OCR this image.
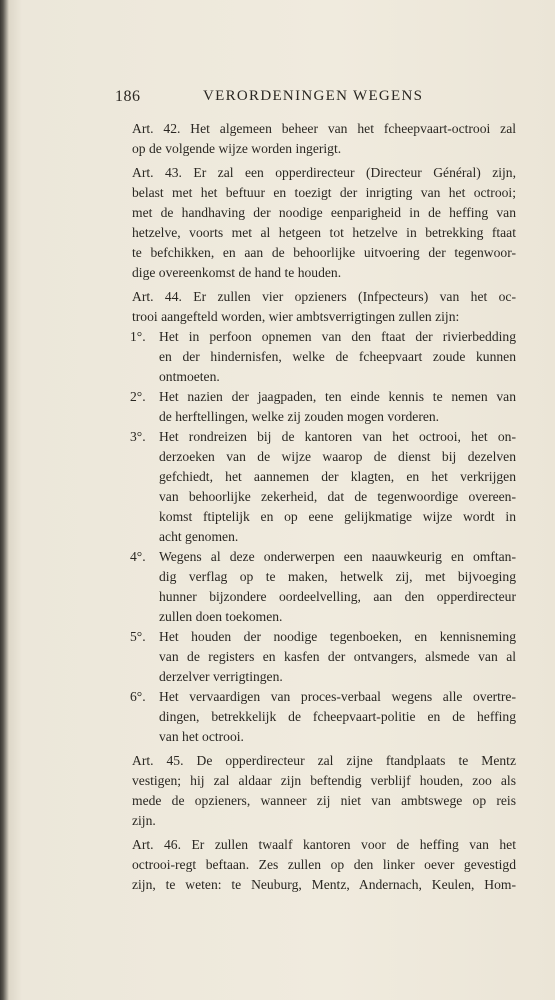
186	VERORDENINGEN WEGENS
Art. 42. Het algemeen beheer van het fcheepvaart-octrooi zal
op de volgende wijze worden ingerigt.
Art. 43. Er zal een opperdirecteur (Directeur Général) zijn,
belast met het beftuur en toezigt der inrigting van het octrooi;
met de handhaving der noodige eenparigheid in de heffing van
hetzelve, voorts met al hetgeen tot hetzelve in betrekking ftaat
te befchikken, en aan de behoorlijke uitvoering der tegenwoor-
dige overeenkomst de hand te houden.
Art. 44. Er zullen vier opzieners (Infpecteurs) van het oc-
trooi aangefteld worden, wier ambtsverrigtingen zullen zijn:
1°. Het in perfoon opnemen van den ftaat der rivierbedding
en der hindernisfen, welke de fcheepvaart zoude kunnen
ontmoeten.
2°. Het nazien der jaagpaden, ten einde kennis te nemen van
de herftellingen, welke zij zouden mogen vorderen.
3°. Het rondreizen bij de kantoren van het octrooi, het on-
derzoeken van de wijze waarop de dienst bij dezelven
gefchiedt, het aannemen der klagten, en het verkrijgen
van behoorlijke zekerheid, dat de tegenwoordige overeen-
komst ftiptelijk en op eene gelijkmatige wijze wordt in
acht genomen.
4°. Wegens al deze onderwerpen een naauwkeurig en omftan-
dig verflag op te maken, hetwelk zij, met bijvoeging
hunner bijzondere oordeelvelling, aan den opperdirecteur
zullen doen toekomen.
5°. Het houden der noodige tegenboeken, en kennisneming
van de registers en kasfen der ontvangers, alsmede van al
derzelver verrigtingen.
6°. Het vervaardigen van proces-verbaal wegens alle overtre-
dingen, betrekkelijk de fcheepvaart-politie en de heffing
van het octrooi.
Art. 45. De opperdirecteur zal zijne ftandplaats te Mentz
vestigen; hij zal aldaar zijn beftendig verblijf houden, zoo als
mede de opzieners, wanneer zij niet van ambtswege op reis
zijn.
Art. 46. Er zullen twaalf kantoren voor de heffing van het
octrooi-regt beftaan. Zes zullen op den linker oever gevestigd
zijn, te weten: te Neuburg, Mentz, Andernach, Keulen, Hom-
